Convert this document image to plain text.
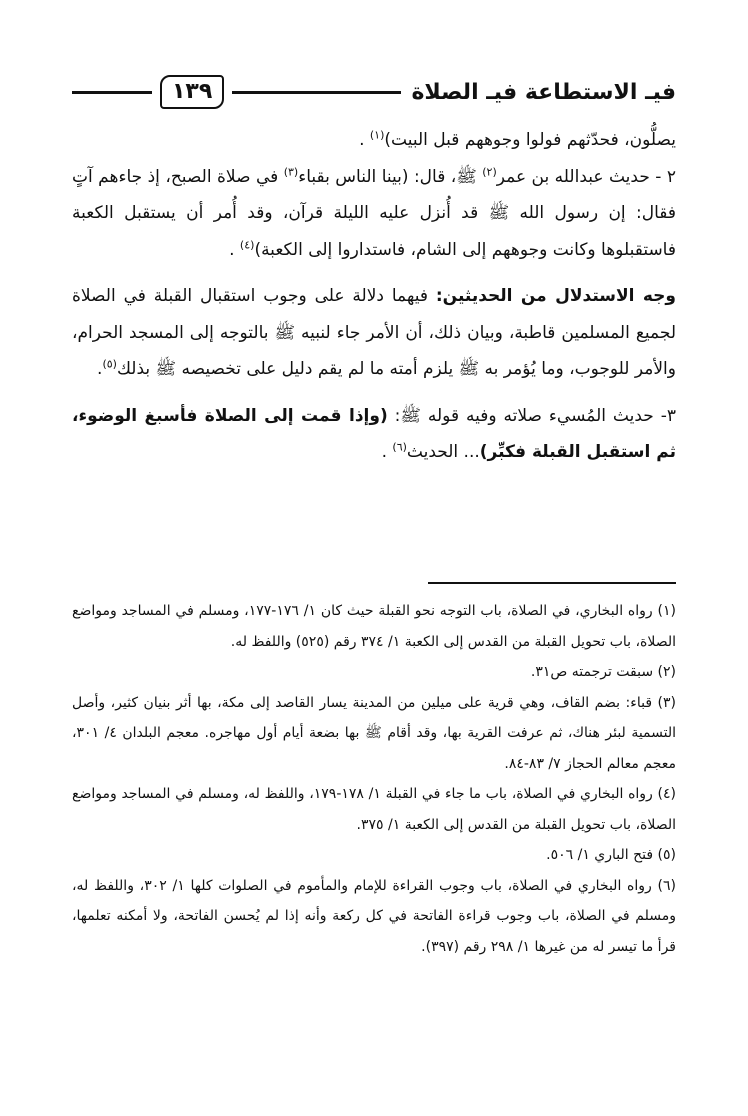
فيـ الاستطاعة فيـ الصلاة
١٣٩

يصلُّون، فحدّثهم فولوا وجوههم قبل البيت)$^{(١)}$ .

٢ - حديث عبدالله بن عمر$^{(٢)}$ ﷺ، قال: (بينا الناس بقباء$^{(٣)}$ في صلاة الصبح، إذ جاءهم آتٍ فقال: إن رسول الله ﷺ قد أُنزل عليه الليلة قرآن، وقد أُمر أن يستقبل الكعبة فاستقبلوها وكانت وجوههم إلى الشام، فاستداروا إلى الكعبة)$^{(٤)}$ .

وجه الاستدلال من الحديثين: فيهما دلالة على وجوب استقبال القبلة في الصلاة لجميع المسلمين قاطبة، وبيان ذلك، أن الأمر جاء لنبيه ﷺ بالتوجه إلى المسجد الحرام، والأمر للوجوب، وما يُؤمر به ﷺ يلزم أمته ما لم يقم دليل على تخصيصه ﷺ بذلك$^{(٥)}$.

٣- حديث المُسيء صلاته وفيه قوله ﷺ: (وإذا قمت إلى الصلاة فأسبغ الوضوء، ثم استقبل القبلة فكبِّر)... الحديث$^{(٦)}$ .

(١) رواه البخاري، في الصلاة، باب التوجه نحو القبلة حيث كان ١/ ١٧٦-١٧٧، ومسلم في المساجد ومواضع الصلاة، باب تحويل القبلة من القدس إلى الكعبة ١/ ٣٧٤ رقم (٥٢٥) واللفظ له.

(٢) سبقت ترجمته ص٣١.

(٣) قباء: بضم القاف، وهي قرية على ميلين من المدينة يسار القاصد إلى مكة، بها أثر بنيان كثير، وأصل التسمية لبئر هناك، ثم عرفت القرية بها، وقد أقام ﷺ بها بضعة أيام أول مهاجره. معجم البلدان ٤/ ٣٠١، معجم معالم الحجاز ٧/ ٨٣-٨٤.

(٤) رواه البخاري في الصلاة، باب ما جاء في القبلة ١/ ١٧٨-١٧٩، واللفظ له، ومسلم في المساجد ومواضع الصلاة، باب تحويل القبلة من القدس إلى الكعبة ١/ ٣٧٥.

(٥) فتح الباري ١/ ٥٠٦.

(٦) رواه البخاري في الصلاة، باب وجوب القراءة للإمام والمأموم في الصلوات كلها ١/ ٣٠٢، واللفظ له، ومسلم في الصلاة، باب وجوب قراءة الفاتحة في كل ركعة وأنه إذا لم يُحسن الفاتحة، ولا أمكنه تعلمها، قرأ ما تيسر له من غيرها ١/ ٢٩٨ رقم (٣٩٧).
